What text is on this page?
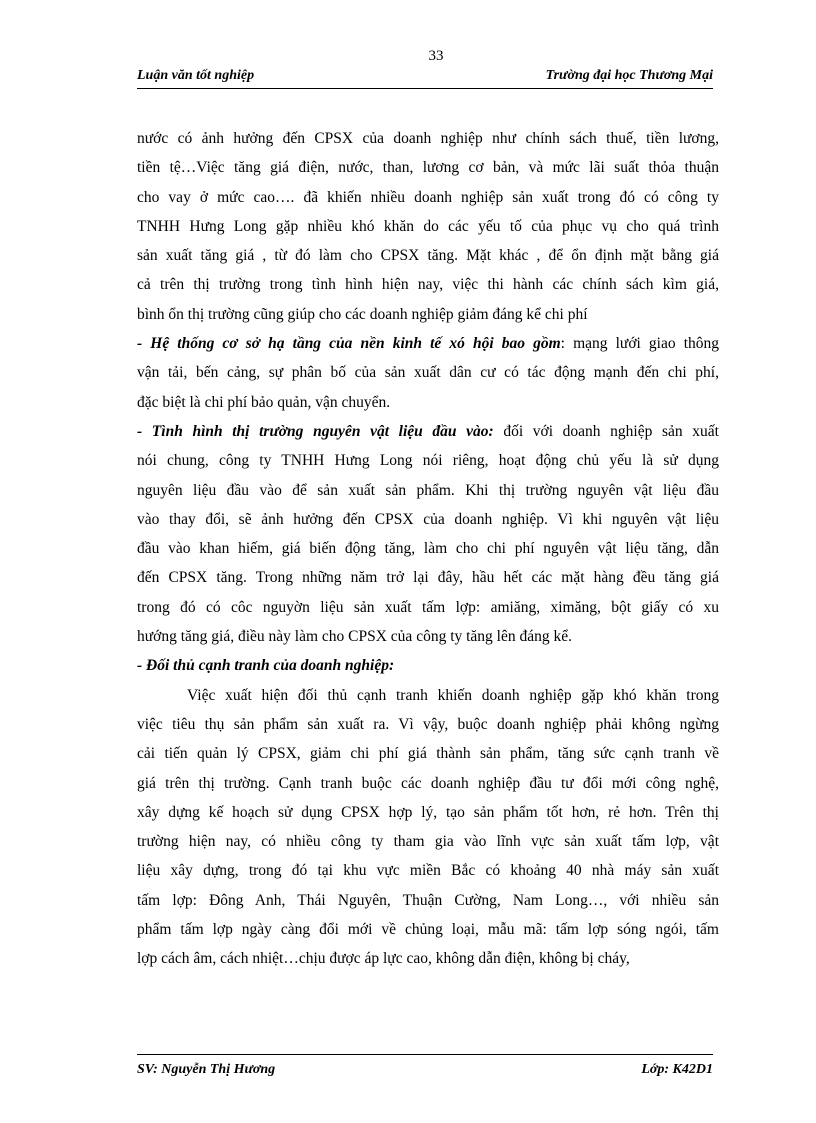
33
Luận văn tốt nghiệp	Trường đại học Thương Mại
nước có ảnh hưởng đến CPSX của doanh nghiệp như chính sách thuế, tiền lương,
tiền tệ…Việc tăng giá điện, nước, than, lương cơ bản, và mức lãi suất thỏa thuận
cho vay ở mức cao…. đã khiến nhiều doanh nghiệp sản xuất trong đó có công ty
TNHH Hưng Long gặp nhiều khó khăn do các yếu tố của phục vụ cho quá trình
sản xuất tăng giá , từ đó làm cho CPSX tăng. Mặt khác , để ổn định mặt bằng giá
cả trên thị trường trong tình hình hiện nay, việc thi hành các chính sách kìm giá,
bình ổn thị trường cũng giúp cho các doanh nghiệp giảm đáng kể chi phí
- Hệ thống cơ sở hạ tầng của nền kinh tế xó hội bao gồm: mạng lưới giao thông
vận tải, bến cảng, sự phân bố của sản xuất dân cư có tác động mạnh đến chi phí,
đặc biệt là chi phí bảo quản, vận chuyển.
- Tình hình thị trường nguyên vật liệu đầu vào: đối với doanh nghiệp sản xuất
nói chung, công ty TNHH Hưng Long nói riêng, hoạt động chủ yếu là sử dụng
nguyên liệu đầu vào để sản xuất sản phẩm. Khi thị trường nguyên vật liệu đầu
vào thay đổi, sẽ ảnh hưởng đến CPSX của doanh nghiệp. Vì khi nguyên vật liệu
đầu vào khan hiếm, giá biến động tăng, làm cho chi phí nguyên vật liệu tăng, dẫn
đến CPSX tăng. Trong những năm trở lại đây, hầu hết các mặt hàng đều tăng giá
trong đó có côc nguyờn liệu sản xuất tấm lợp: amiăng, ximăng, bột giấy có xu
hướng tăng giá, điều này làm cho CPSX của công ty tăng lên đáng kể.
- Đối thủ cạnh tranh của doanh nghiệp:
Việc xuất hiện đối thủ cạnh tranh khiến doanh nghiệp gặp khó khăn trong
việc tiêu thụ sản phẩm sản xuất ra. Vì vậy, buộc doanh nghiệp phải không ngừng
cải tiến quản lý CPSX, giảm chi phí giá thành sản phẩm, tăng sức cạnh tranh về
giá trên thị trường. Cạnh tranh buộc các doanh nghiệp đầu tư đổi mới công nghệ,
xây dựng kế hoạch sử dụng CPSX hợp lý, tạo sản phẩm tốt hơn, rẻ hơn. Trên thị
trường hiện nay, có nhiều công ty tham gia vào lĩnh vực sản xuất tấm lợp, vật
liệu xây dựng, trong đó tại khu vực miền Bắc có khoảng 40 nhà máy sản xuất
tấm lợp: Đông Anh, Thái Nguyên, Thuận Cường, Nam Long…, với nhiều sản
phẩm tấm lợp ngày càng đổi mới về chủng loại, mẫu mã: tấm lợp sóng ngói, tấm
lợp cách âm, cách nhiệt…chịu được áp lực cao, không dẫn điện, không bị cháy,
SV: Nguyễn Thị Hương	Lớp: K42D1
